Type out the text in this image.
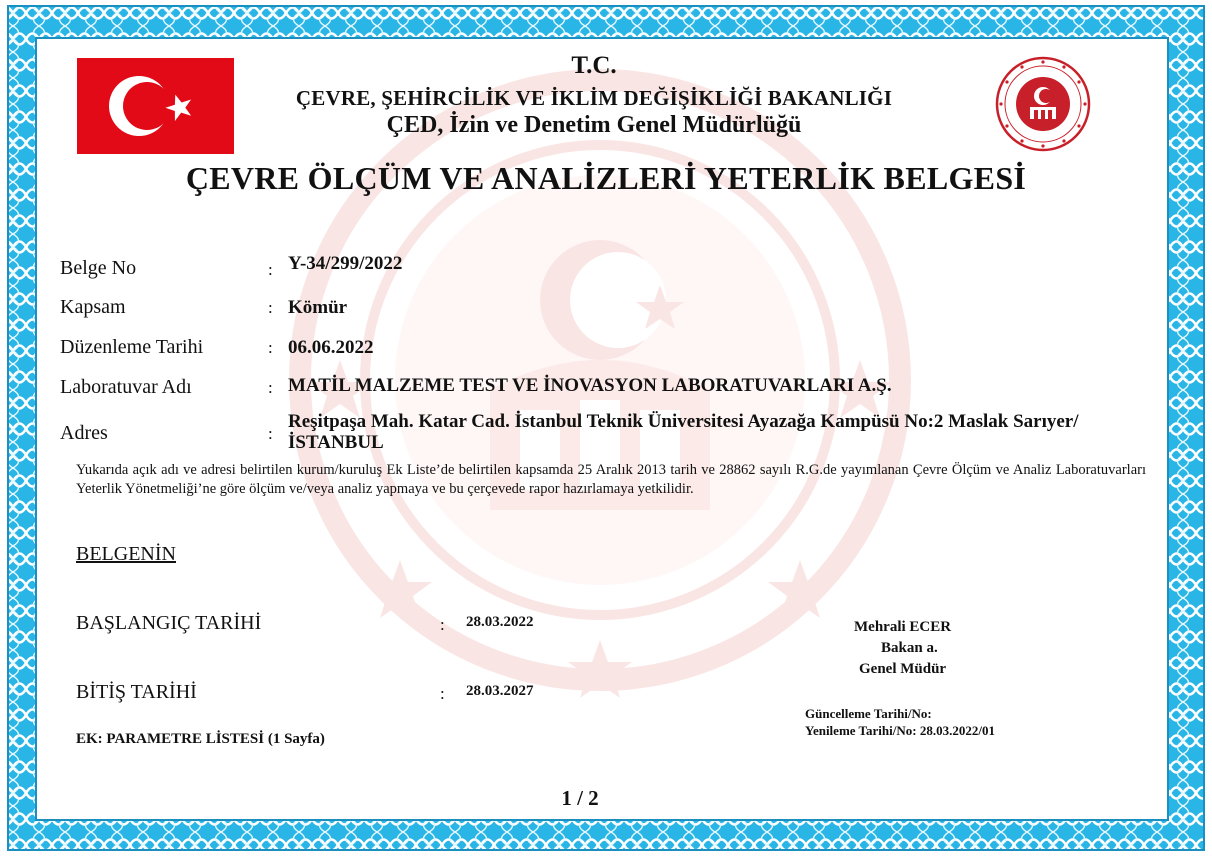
T.C.
ÇEVRE, ŞEHİRCİLİK VE İKLİM DEĞİŞİKLİĞİ BAKANLIĞI
ÇED, İzin ve Denetim Genel Müdürlüğü
ÇEVRE ÖLÇÜM VE ANALİZLERİ YETERLİK BELGESİ
Belge No	: Y-34/299/2022
Kapsam	: Kömür
Düzenleme Tarihi	: 06.06.2022
Laboratuvar Adı	: MATİL MALZEME TEST VE İNOVASYON LABORATUVARLARI A.Ş.
Adres	:
Reşitpaşa Mah. Katar Cad. İstanbul Teknik Üniversitesi Ayazağa Kampüsü No:2 Maslak Sarıyer/İSTANBUL
Yukarıda açık adı ve adresi belirtilen kurum/kuruluş Ek Liste’de belirtilen kapsamda 25 Aralık 2013 tarih ve 28862 sayılı R.G.de yayımlanan Çevre Ölçüm ve Analiz Laboratuvarları Yeterlik Yönetmeliği’ne göre ölçüm ve/veya analiz yapmaya ve bu çerçevede rapor hazırlamaya yetkilidir.
BELGENİN
BAŞLANGIÇ TARİHİ	: 28.03.2022
BİTİŞ TARİHİ	: 28.03.2027
EK: PARAMETRE LİSTESİ (1 Sayfa)
Mehrali ECER
Bakan a.
Genel Müdür
Güncelleme Tarihi/No:
Yenileme Tarihi/No: 28.03.2022/01
1 / 2
